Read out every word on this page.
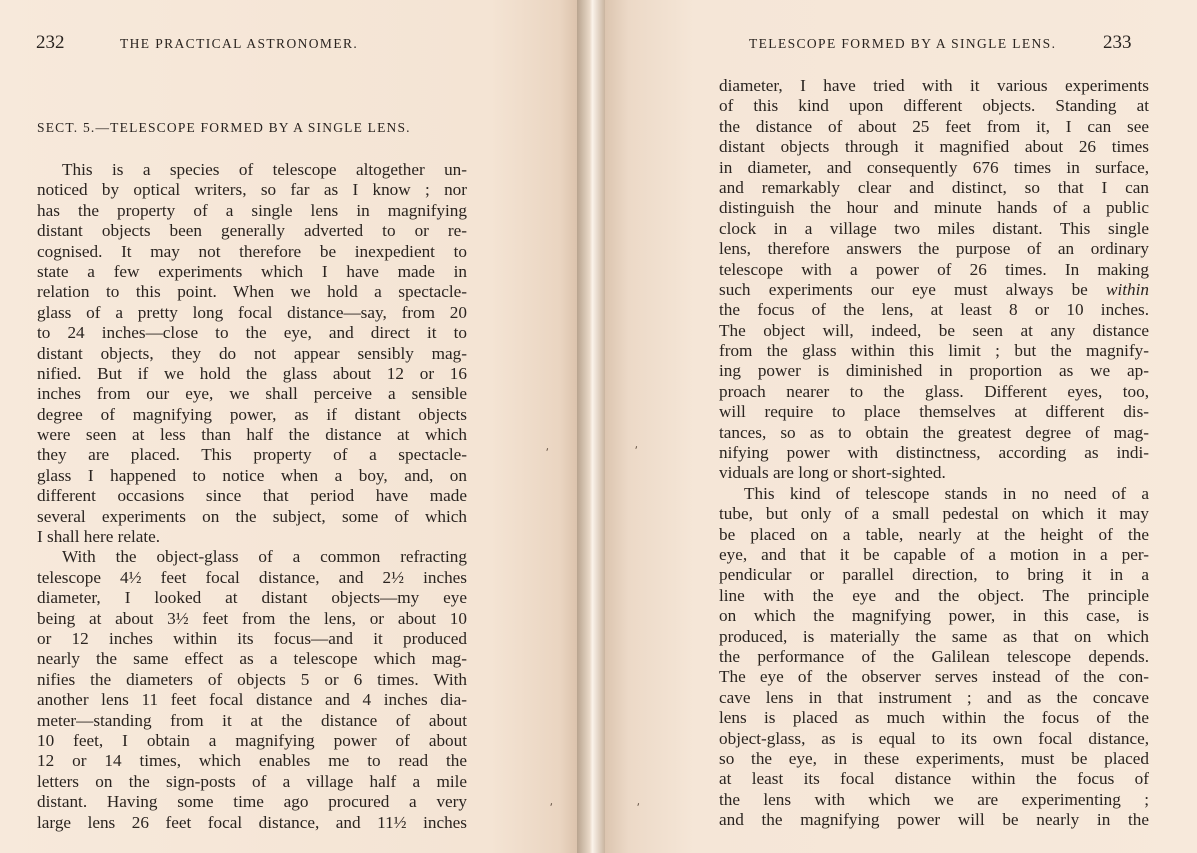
232	THE PRACTICAL ASTRONOMER.
SECT. 5.—TELESCOPE FORMED BY A SINGLE LENS.
This is a species of telescope altogether un-
noticed by optical writers, so far as I know ; nor
has the property of a single lens in magnifying
distant objects been generally adverted to or re-
cognised. It may not therefore be inexpedient to
state a few experiments which I have made in
relation to this point. When we hold a spectacle-
glass of a pretty long focal distance—say, from 20
to 24 inches—close to the eye, and direct it to
distant objects, they do not appear sensibly mag-
nified. But if we hold the glass about 12 or 16
inches from our eye, we shall perceive a sensible
degree of magnifying power, as if distant objects
were seen at less than half the distance at which
they are placed. This property of a spectacle-
glass I happened to notice when a boy, and, on
different occasions since that period have made
several experiments on the subject, some of which
I shall here relate.
With the object-glass of a common refracting
telescope 4½ feet focal distance, and 2½ inches
diameter, I looked at distant objects—my eye
being at about 3½ feet from the lens, or about 10
or 12 inches within its focus—and it produced
nearly the same effect as a telescope which mag-
nifies the diameters of objects 5 or 6 times. With
another lens 11 feet focal distance and 4 inches dia-
meter—standing from it at the distance of about
10 feet, I obtain a magnifying power of about
12 or 14 times, which enables me to read the
letters on the sign-posts of a village half a mile
distant. Having some time ago procured a very
large lens 26 feet focal distance, and 11½ inches
⸴
⸴
TELESCOPE FORMED BY A SINGLE LENS. 233
diameter, I have tried with it various experiments
of this kind upon different objects. Standing at
the distance of about 25 feet from it, I can see
distant objects through it magnified about 26 times
in diameter, and consequently 676 times in surface,
and remarkably clear and distinct, so that I can
distinguish the hour and minute hands of a public
clock in a village two miles distant. This single
lens, therefore answers the purpose of an ordinary
telescope with a power of 26 times. In making
such experiments our eye must always be within
the focus of the lens, at least 8 or 10 inches.
The object will, indeed, be seen at any distance
from the glass within this limit ; but the magnify-
ing power is diminished in proportion as we ap-
proach nearer to the glass. Different eyes, too,
will require to place themselves at different dis-
tances, so as to obtain the greatest degree of mag-
nifying power with distinctness, according as indi-
viduals are long or short-sighted.
This kind of telescope stands in no need of a
tube, but only of a small pedestal on which it may
be placed on a table, nearly at the height of the
eye, and that it be capable of a motion in a per-
pendicular or parallel direction, to bring it in a
line with the eye and the object. The principle
on which the magnifying power, in this case, is
produced, is materially the same as that on which
the performance of the Galilean telescope depends.
The eye of the observer serves instead of the con-
cave lens in that instrument ; and as the concave
lens is placed as much within the focus of the
object-glass, as is equal to its own focal distance,
so the eye, in these experiments, must be placed
at least its focal distance within the focus of
the lens with which we are experimenting ;
and the magnifying power will be nearly in the
⸴
⸴
